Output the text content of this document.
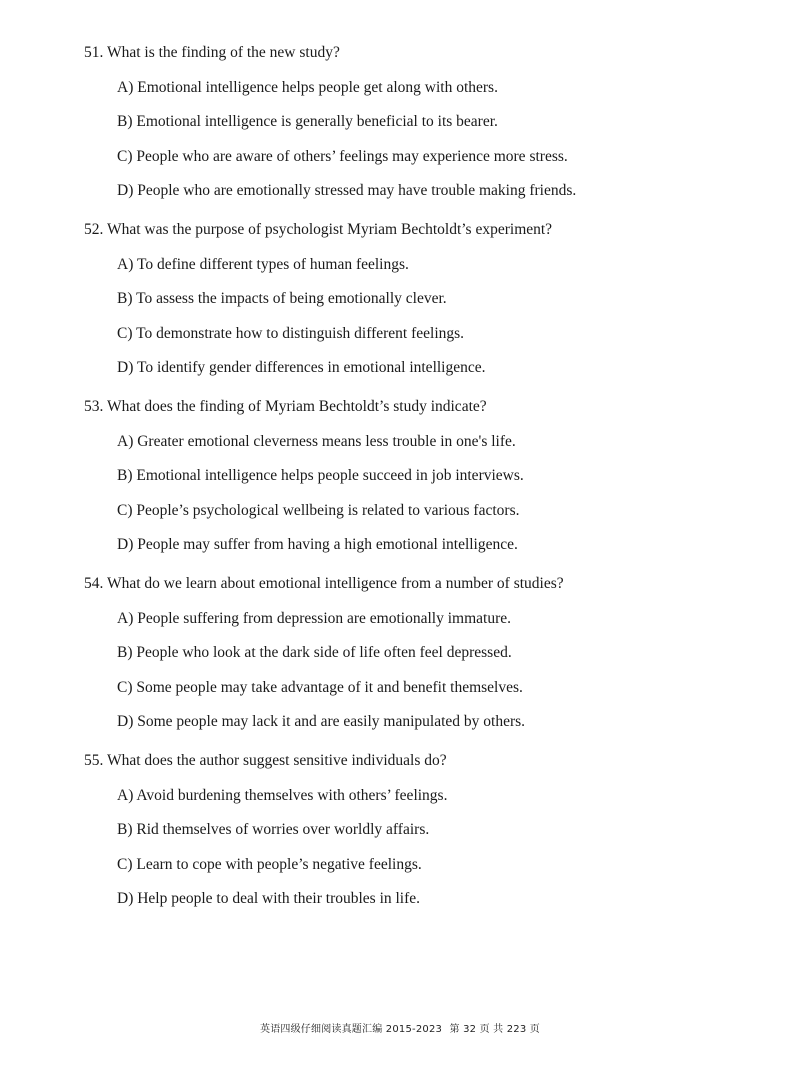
51. What is the finding of the new study?
A) Emotional intelligence helps people get along with others.
B) Emotional intelligence is generally beneficial to its bearer.
C) People who are aware of others’ feelings may experience more stress.
D) People who are emotionally stressed may have trouble making friends.
52. What was the purpose of psychologist Myriam Bechtoldt’s experiment?
A) To define different types of human feelings.
B) To assess the impacts of being emotionally clever.
C) To demonstrate how to distinguish different feelings.
D) To identify gender differences in emotional intelligence.
53. What does the finding of Myriam Bechtoldt’s study indicate?
A) Greater emotional cleverness means less trouble in one's life.
B) Emotional intelligence helps people succeed in job interviews.
C) People’s psychological wellbeing is related to various factors.
D) People may suffer from having a high emotional intelligence.
54. What do we learn about emotional intelligence from a number of studies?
A) People suffering from depression are emotionally immature.
B) People who look at the dark side of life often feel depressed.
C) Some people may take advantage of it and benefit themselves.
D) Some people may lack it and are easily manipulated by others.
55. What does the author suggest sensitive individuals do?
A) Avoid burdening themselves with others’ feelings.
B) Rid themselves of worries over worldly affairs.
C) Learn to cope with people’s negative feelings.
D) Help people to deal with their troubles in life.
英语四级仔细阅读真题汇编 2015-2023 第 32 页 共 223 页
